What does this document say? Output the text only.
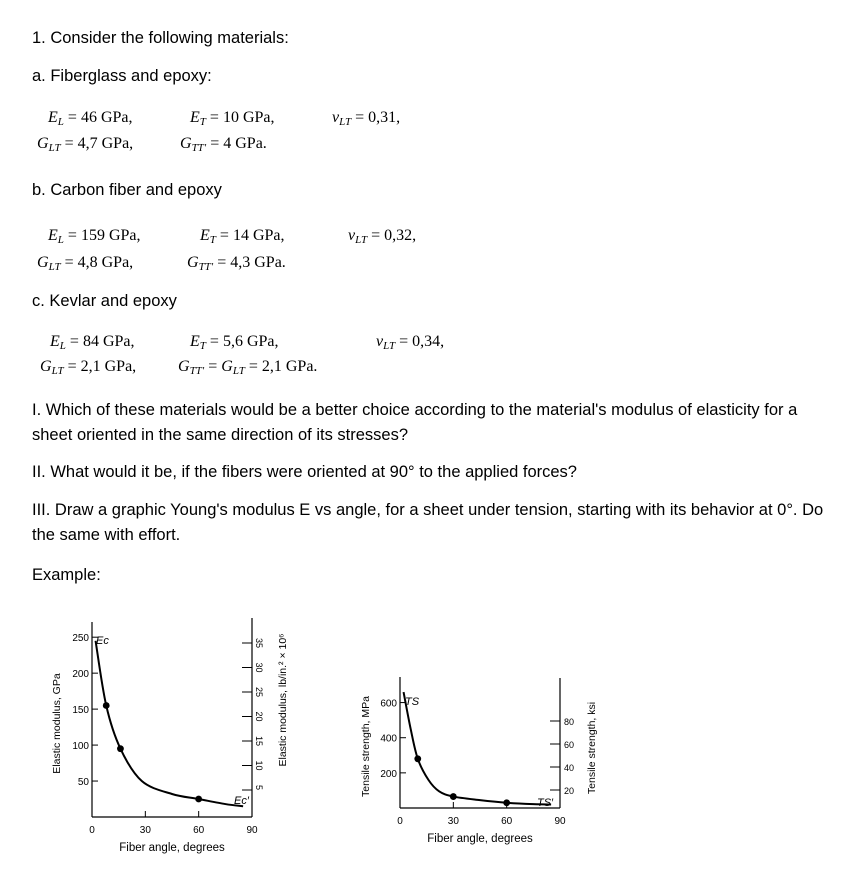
1. Consider the following materials:
a. Fiberglass and epoxy:
$E_L = 46$ GPa,	$E_T = 10$ GPa,	$\nu_{LT} = 0,31$,
$G_{LT} = 4,7$ GPa,	$G_{TT'} = 4$ GPa.
b. Carbon fiber and epoxy
$E_L = 159$ GPa,	$E_T = 14$ GPa,	$\nu_{LT} = 0,32$,
$G_{LT} = 4,8$ GPa,	$G_{TT'} = 4,3$ GPa.
c. Kevlar and epoxy
$E_L = 84$ GPa,	$E_T = 5,6$ GPa,	$\nu_{LT} = 0,34$,
$G_{LT} = 2,1$ GPa,	$G_{TT'} = G_{LT} = 2,1$ GPa.
I. Which of these materials would be a better choice according to the material's modulus of elasticity for a sheet oriented in the same direction of its stresses?
II. What would it be, if the fibers were oriented at 90° to the applied forces?
III. Draw a graphic Young's modulus E vs angle, for a sheet under tension, starting with its behavior at 0°. Do the same with effort.
Example:
0	30	60	90
50
100
150
200
250
5
10
15
20
25
30
35
Fiber angle, degrees
Elastic modulus, GPa	Elastic modulus, lb/in.² × 10⁶
Ec
Ec′
0	30	60	90
200
400
600
20
40
60
80
Fiber angle, degrees
Tensile strength, MPa	Tensile strength, ksi
TS
TS′
